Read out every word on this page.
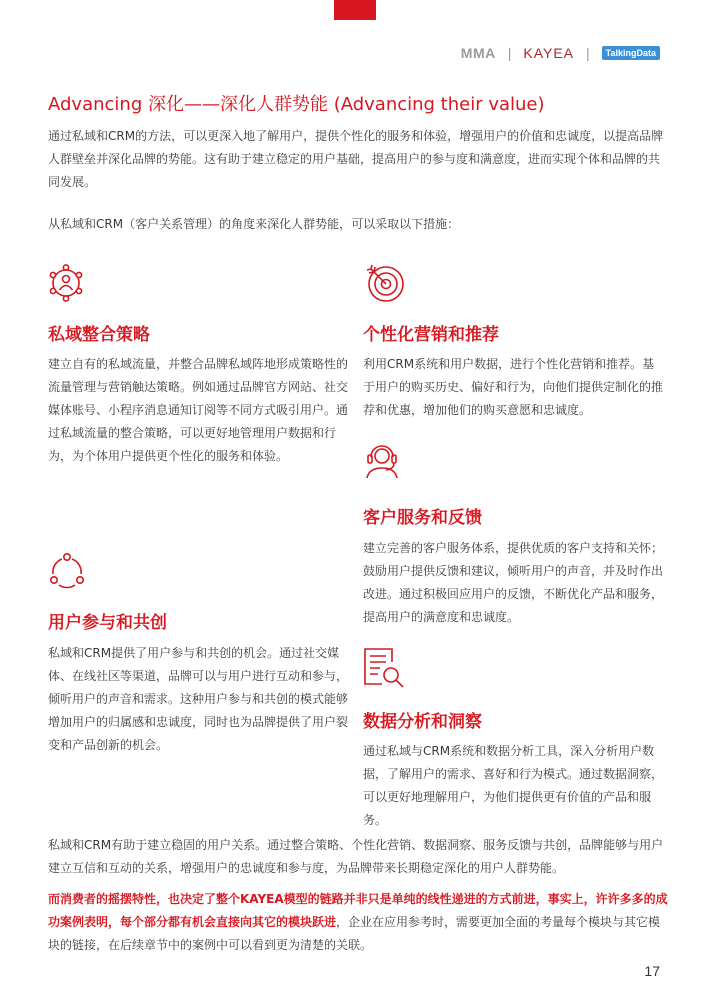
MMA | KAYEA |	TalkingData
Advancing 深化——深化人群势能 (Advancing their value)
通过私域和CRM的方法，可以更深入地了解用户，提供个性化的服务和体验，增强用户的价值和忠诚度，以提高品牌人群壁垒并深化品牌的势能。这有助于建立稳定的用户基础，提高用户的参与度和满意度，进而实现个体和品牌的共同发展。
从私域和CRM（客户关系管理）的角度来深化人群势能，可以采取以下措施：
私域整合策略
建立自有的私域流量，并整合品牌私域阵地形成策略性的流量管理与营销触达策略。例如通过品牌官方网站、社交媒体账号、小程序消息通知订阅等不同方式吸引用户。通过私域流量的整合策略，可以更好地管理用户数据和行为，为个体用户提供更个性化的服务和体验。
个性化营销和推荐
利用CRM系统和用户数据，进行个性化营销和推荐。基于用户的购买历史、偏好和行为，向他们提供定制化的推荐和优惠，增加他们的购买意愿和忠诚度。
客户服务和反馈
建立完善的客户服务体系，提供优质的客户支持和关怀；鼓励用户提供反馈和建议，倾听用户的声音，并及时作出改进。通过积极回应用户的反馈，不断优化产品和服务，提高用户的满意度和忠诚度。
用户参与和共创
私域和CRM提供了用户参与和共创的机会。通过社交媒体、在线社区等渠道，品牌可以与用户进行互动和参与，倾听用户的声音和需求。这种用户参与和共创的模式能够增加用户的归属感和忠诚度，同时也为品牌提供了用户裂变和产品创新的机会。
数据分析和洞察
通过私域与CRM系统和数据分析工具，深入分析用户数据，了解用户的需求、喜好和行为模式。通过数据洞察，可以更好地理解用户，为他们提供更有价值的产品和服务。
私域和CRM有助于建立稳固的用户关系。通过整合策略、个性化营销、数据洞察、服务反馈与共创，品牌能够与用户建立互信和互动的关系，增强用户的忠诚度和参与度，为品牌带来长期稳定深化的用户人群势能。
而消费者的摇摆特性，也决定了整个KAYEA模型的链路并非只是单纯的线性递进的方式前进，事实上，许许多多的成功案例表明，每个部分都有机会直接向其它的模块跃进，企业在应用参考时，需要更加全面的考量每个模块与其它模块的链接，在后续章节中的案例中可以看到更为清楚的关联。
17
